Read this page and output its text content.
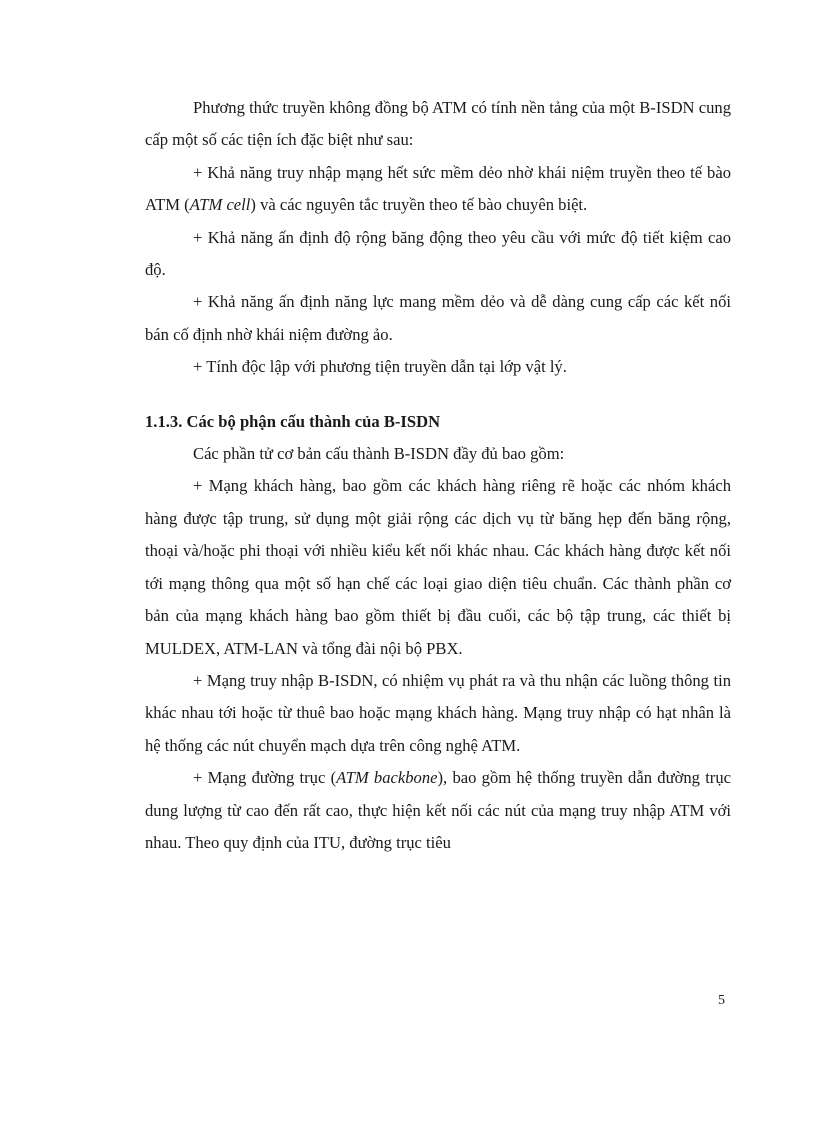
Phương thức truyền không đồng bộ ATM có tính nền tảng của một B-ISDN cung cấp một số các tiện ích đặc biệt như sau:

+ Khả năng truy nhập mạng hết sức mềm dẻo nhờ khái niệm truyền theo tế bào ATM (ATM cell) và các nguyên tắc truyền theo tế bào chuyên biệt.

+ Khả năng ấn định độ rộng băng động theo yêu cầu với mức độ tiết kiệm cao độ.

+ Khả năng ấn định năng lực mang mềm dẻo và dễ dàng cung cấp các kết nối bán cố định nhờ khái niệm đường ảo.

+ Tính độc lập với phương tiện truyền dẫn tại lớp vật lý.

1.1.3. Các bộ phận cấu thành của B-ISDN

Các phần tử cơ bản cấu thành B-ISDN đầy đủ bao gồm:

+ Mạng khách hàng, bao gồm các khách hàng riêng rẽ hoặc các nhóm khách hàng được tập trung, sử dụng một giải rộng các dịch vụ từ băng hẹp đến băng rộng, thoại và/hoặc phi thoại với nhiều kiểu kết nối khác nhau. Các khách hàng được kết nối tới mạng thông qua một số hạn chế các loại giao diện tiêu chuẩn. Các thành phần cơ bản của mạng khách hàng bao gồm thiết bị đầu cuối, các bộ tập trung, các thiết bị MULDEX, ATM-LAN và tổng đài nội bộ PBX.

+ Mạng truy nhập B-ISDN, có nhiệm vụ phát ra và thu nhận các luồng thông tin khác nhau tới hoặc từ thuê bao hoặc mạng khách hàng. Mạng truy nhập có hạt nhân là hệ thống các nút chuyển mạch dựa trên công nghệ ATM.

+ Mạng đường trục (ATM backbone), bao gồm hệ thống truyền dẫn đường trục dung lượng từ cao đến rất cao, thực hiện kết nối các nút của mạng truy nhập ATM với nhau. Theo quy định của ITU, đường trục tiêu

5
